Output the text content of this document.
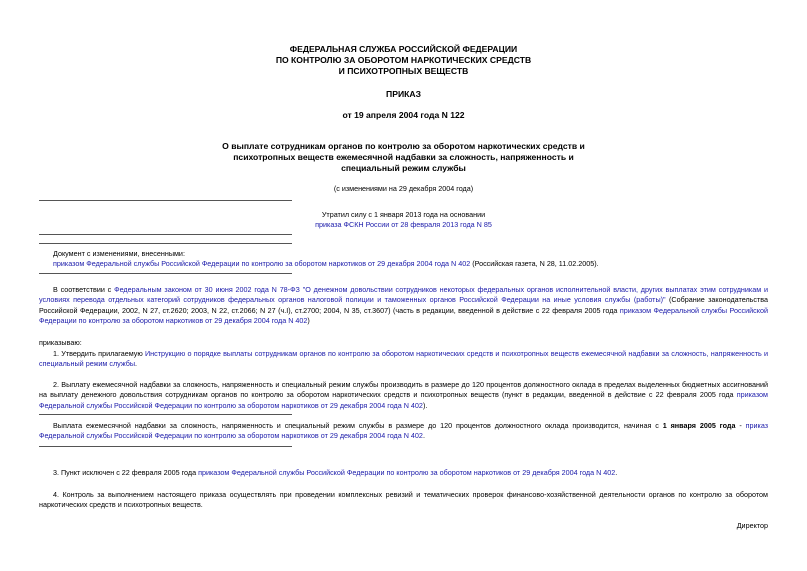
ФЕДЕРАЛЬНАЯ СЛУЖБА РОССИЙСКОЙ ФЕДЕРАЦИИ
ПО КОНТРОЛЮ ЗА ОБОРОТОМ НАРКОТИЧЕСКИХ СРЕДСТВ
И ПСИХОТРОПНЫХ ВЕЩЕСТВ
ПРИКАЗ
от 19 апреля 2004 года N 122
О выплате сотрудникам органов по контролю за оборотом наркотических средств и
психотропных веществ ежемесячной надбавки за сложность, напряженность и
специальный режим службы
(с изменениями на 29 декабря 2004 года)
Утратил силу с 1 января 2013 года на основании
приказа ФСКН России от 28 февраля 2013 года N 85
Документ с изменениями, внесенными:
приказом Федеральной службы Российской Федерации по контролю за оборотом наркотиков от 29 декабря 2004 года N 402 (Российская газета, N 28, 11.02.2005).
В соответствии с Федеральным законом от 30 июня 2002 года N 78-ФЗ "О денежном довольствии сотрудников некоторых федеральных органов исполнительной власти, других выплатах этим сотрудникам и условиях перевода отдельных категорий сотрудников федеральных органов налоговой полиции и таможенных органов Российской Федерации на иные условия службы (работы)" (Собрание законодательства Российской Федерации, 2002, N 27, ст.2620; 2003, N 22, ст.2066; N 27 (ч.I), ст.2700; 2004, N 35, ст.3607) (часть в редакции, введенной в действие с 22 февраля 2005 года приказом Федеральной службы Российской Федерации по контролю за оборотом наркотиков от 29 декабря 2004 года N 402)
приказываю:
1. Утвердить прилагаемую Инструкцию о порядке выплаты сотрудникам органов по контролю за оборотом наркотических средств и психотропных веществ ежемесячной надбавки за сложность, напряженность и специальный режим службы.
2. Выплату ежемесячной надбавки за сложность, напряженность и специальный режим службы производить в размере до 120 процентов должностного оклада в пределах выделенных бюджетных ассигнований на выплату денежного довольствия сотрудникам органов по контролю за оборотом наркотических средств и психотропных веществ (пункт в редакции, введенной в действие с 22 февраля 2005 года приказом Федеральной службы Российской Федерации по контролю за оборотом наркотиков от 29 декабря 2004 года N 402).
Выплата ежемесячной надбавки за сложность, напряженность и специальный режим службы в размере до 120 процентов должностного оклада производится, начиная с 1 января 2005 года - приказ Федеральной службы Российской Федерации по контролю за оборотом наркотиков от 29 декабря 2004 года N 402.
3. Пункт исключен с 22 февраля 2005 года приказом Федеральной службы Российской Федерации по контролю за оборотом наркотиков от 29 декабря 2004 года N 402.
4. Контроль за выполнением настоящего приказа осуществлять при проведении комплексных ревизий и тематических проверок финансово-хозяйственной деятельности органов по контролю за оборотом наркотических средств и психотропных веществ.
Директор
